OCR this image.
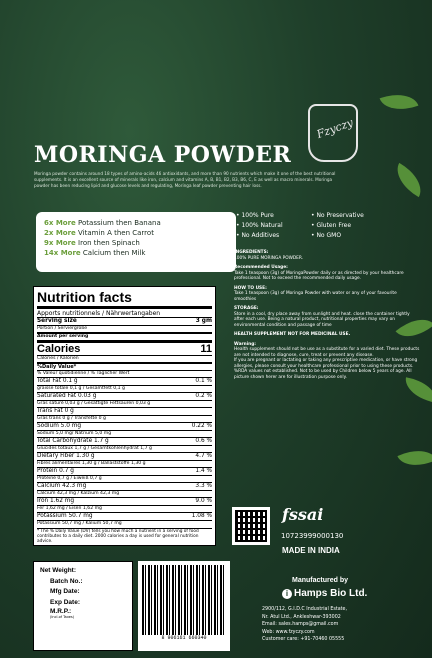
Fzyczy
MORINGA POWDER
Moringa powder contains around 18 types of amino-acids 46 antioxidants, and more than 90 nutrients which make it one of the best nutritional supplements. It is an excellent source of minerals like iron, calcium and vitamins A, B, B1, B2, B3, B6, C, E as well as macro minerals. Moringa powder has been reducing lipid and glucose levels and regulating, Moringa leaf powder preventing hair loss.
6x More Potassium then Banana
2x More Vitamin A then Carrot
9x More Iron then Spinach
14x More Calcium then Milk
• 100% Pure	• No Preservative
• 100% Natural	• Gluten Free
• No Additives	• No GMO
Nutrition facts
Apports nutritionnels / Nährwertangaben
Serving size	3 gm
Portion / Serviergröße
Amount per serving
Calories	11
Calories / Kalorien
%Daily Value*
% Valeur quotidienne / % Täglicher Wert
Total Fat 0.1 g	0.1 %
graisse totale 0,1 g / Gesamtfett 0,1 g
Saturated Fat 0.03 g	0.2 %
Gras saturé 0,03 g / Gesättigte Fettsäuren 0,03 g
Trans Fat 0 g
Gras trans 0 g / Transfette 0 g
Sodium 5.0 mg	0.22 %
Sodium 5,0 mg/ Natrium 5,0 mg
Total Carbohydrate 1.7 g	0.6 %
Glucides totaux 1,7 g / Gesamtkohlenhydrat 1,7 g
Dietary Fiber 1.30 g	4.7 %
Fibres alimentaires 1,30 g / Ballaststoffe 1,30 g
Protein 0.7 g	1.4 %
Protéine 0,7 g / Eiweiß 0,7 g
Calcium 42.3 mg	3.3 %
Calcium 42,3 mg / Kalzium 42,3 mg
Iron 1.62 mg	9.0 %
Fer 1,62 mg / Eisen 1,62 mg
Potassium 50.7 mg	1.08 %
Potassium 50,7 mg / Kalium 50,7 mg
* The % Daily Value (DV) tells you how much a nutrient in a serving of food contributes to a daily diet. 2000 calories a day is used for general nutrition advice.
INGREDIENTS:
100% PURE MORINGA POWDER.
Recommended Usage:
Take 1 teaspoon (3g) of MoringaPowder daily or as directed by your healthcare professional. Not to exceed the recommended daily usage.
HOW TO USE:
Take 1 teaspoon (3g) of Moringa Powder with water or any of your favourite smoothies
STORAGE:
Store in a cool, dry place away from sunlight and heat. close the container tightly after each use. Being a natural product, nutritional properties may vary on environmental condition and passage of time
HEALTH SUPPLEMENT NOT FOR MEDICINAL USE.
Warning:
Health supplement should not be use as a substitute for a varied diet. These products are not intended to diagnose, cure, treat or prevent any disease.
If you are pregnant or lactating or taking any prescriptive medication, or have strong allergies, please consult your healthcare professional prior to using these products. %RDA values not established. Not to be used by Children below 5 years of age. All picture shown herer are for illustration purpose only.
fssai
10723999000130
MADE IN INDIA
Manufactured by
i Hamps Bio Ltd.
2900/112, G.I.D.C Industrial Estate,
Nr. Atul Ltd., Ankleshwar-393002
Email: sales.hamps@gmail.com
Web: www.fzyczy.com
Customer care: +91-70460 05555
Net Weight:
Batch No.:
Mfg Date:
Exp Date:
M.R.P.:
(Incl.of Taxes)
8 906161 660340
